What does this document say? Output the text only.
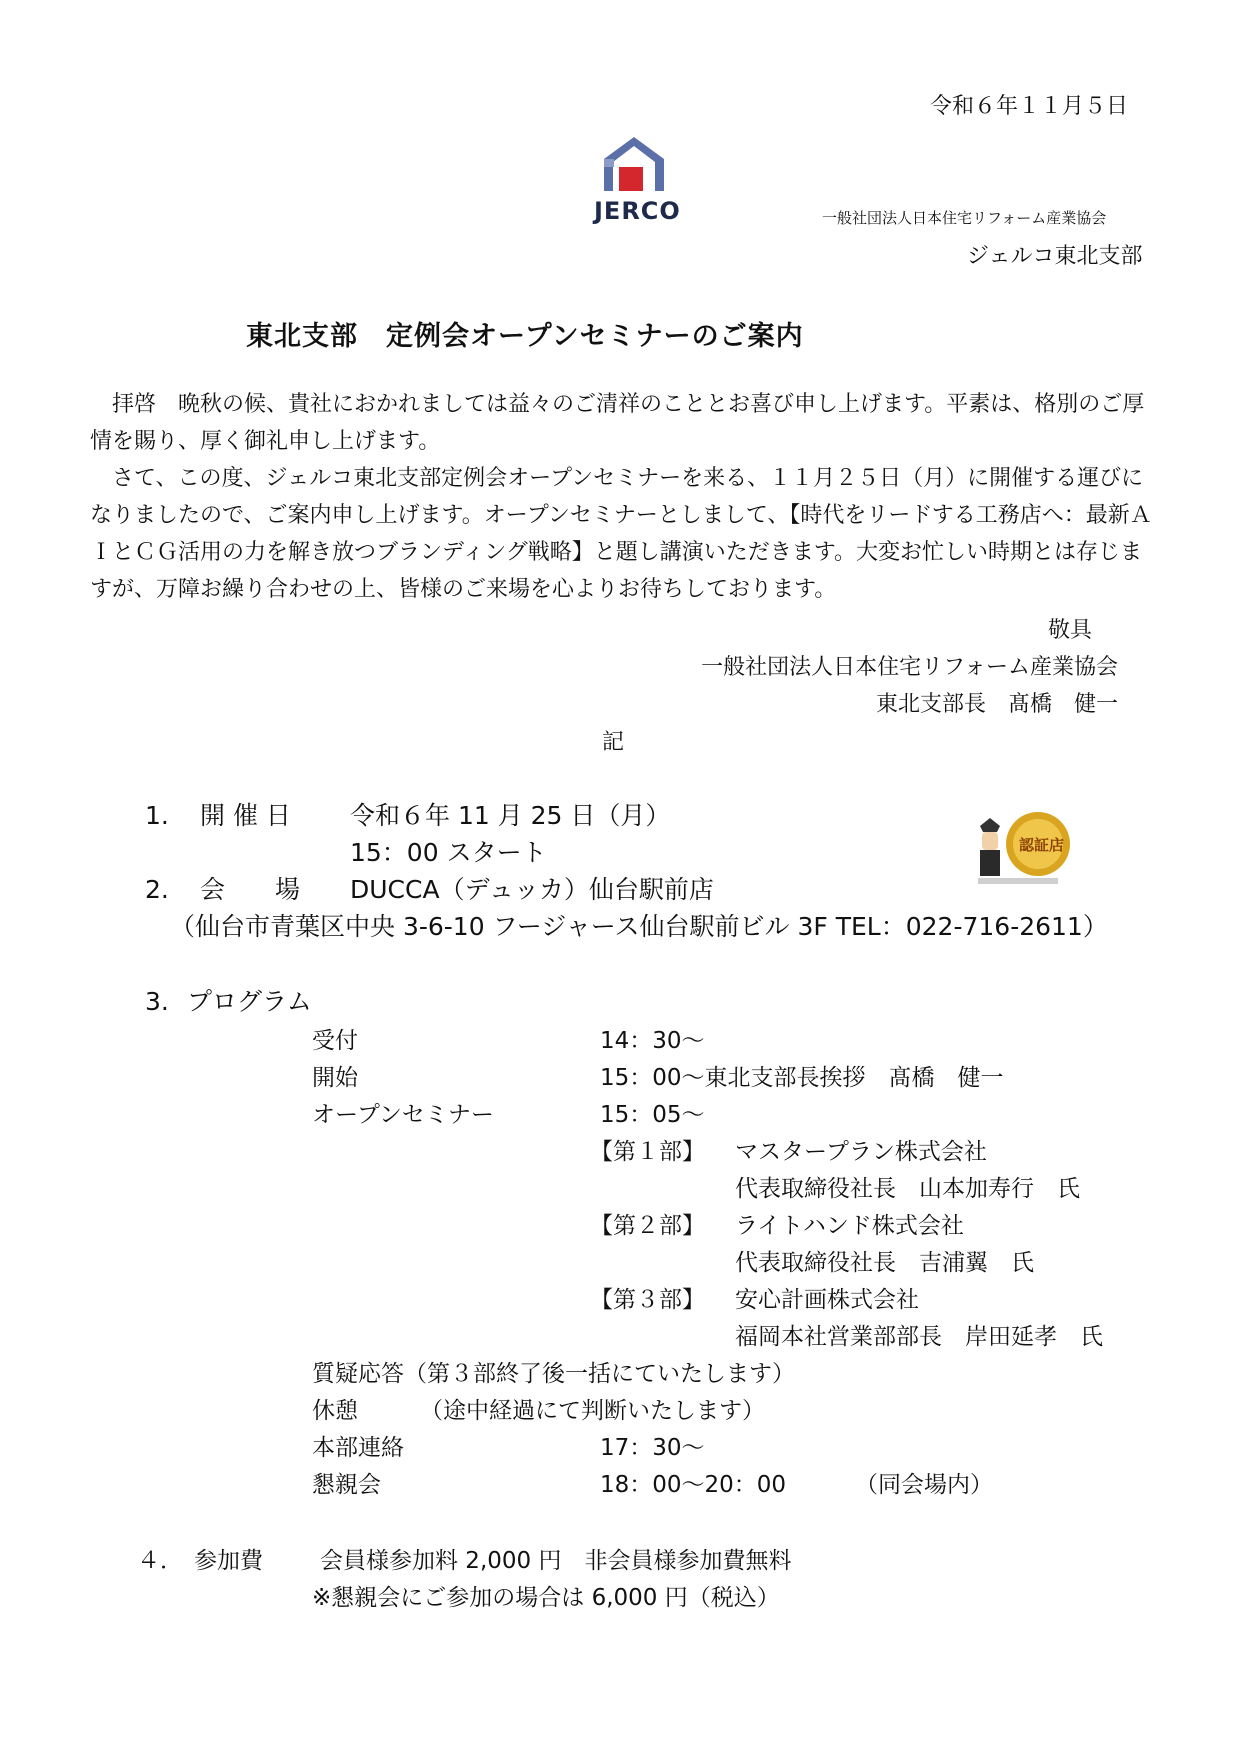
令和６年１１月５日
JERCO	一般社団法人日本住宅リフォーム産業協会
ジェルコ東北支部
東北支部　定例会オープンセミナーのご案内

拝啓　晩秋の候、貴社におかれましては益々のご清祥のこととお喜び申し上げます。平素は、格別のご厚情を賜り、厚く御礼申し上げます。

さて、この度、ジェルコ東北支部定例会オープンセミナーを来る、１１月２５日（月）に開催する運びになりましたので、ご案内申し上げます。オープンセミナーとしまして、【時代をリードする工務店へ：最新ＡＩとＣＧ活用の力を解き放つブランディング戦略】と題し講演いただきます。大変お忙しい時期とは存じますが、万障お繰り合わせの上、皆様のご来場を心よりお待ちしております。

敬具
一般社団法人日本住宅リフォーム産業協会
東北支部長　髙橋　健一
記
認証店
1. 開 催 日 令和６年 11 月 25 日（月）
15：00 スタート
2. 会　　場 DUCCA（デュッカ）仙台駅前店
（仙台市青葉区中央 3-6-10 フージャース仙台駅前ビル 3F TEL：022-716-2611）
3. プログラム
受付	14：30～
開始	15：00～東北支部長挨拶　髙橋　健一
オープンセミナー	15：05～
【第１部】 マスタープラン株式会社
代表取締役社長　山本加寿行　氏
【第２部】 ライトハンド株式会社
代表取締役社長　吉浦翼　氏
【第３部】 安心計画株式会社
福岡本社営業部部長　岸田延孝　氏
質疑応答（第３部終了後一括にていたします）
休憩	（途中経過にて判断いたします）
本部連絡	17：30～
懇親会	18：00～20：00	（同会場内）
４． 参加費 会員様参加料 2,000 円　非会員様参加費無料
※懇親会にご参加の場合は 6,000 円（税込）
